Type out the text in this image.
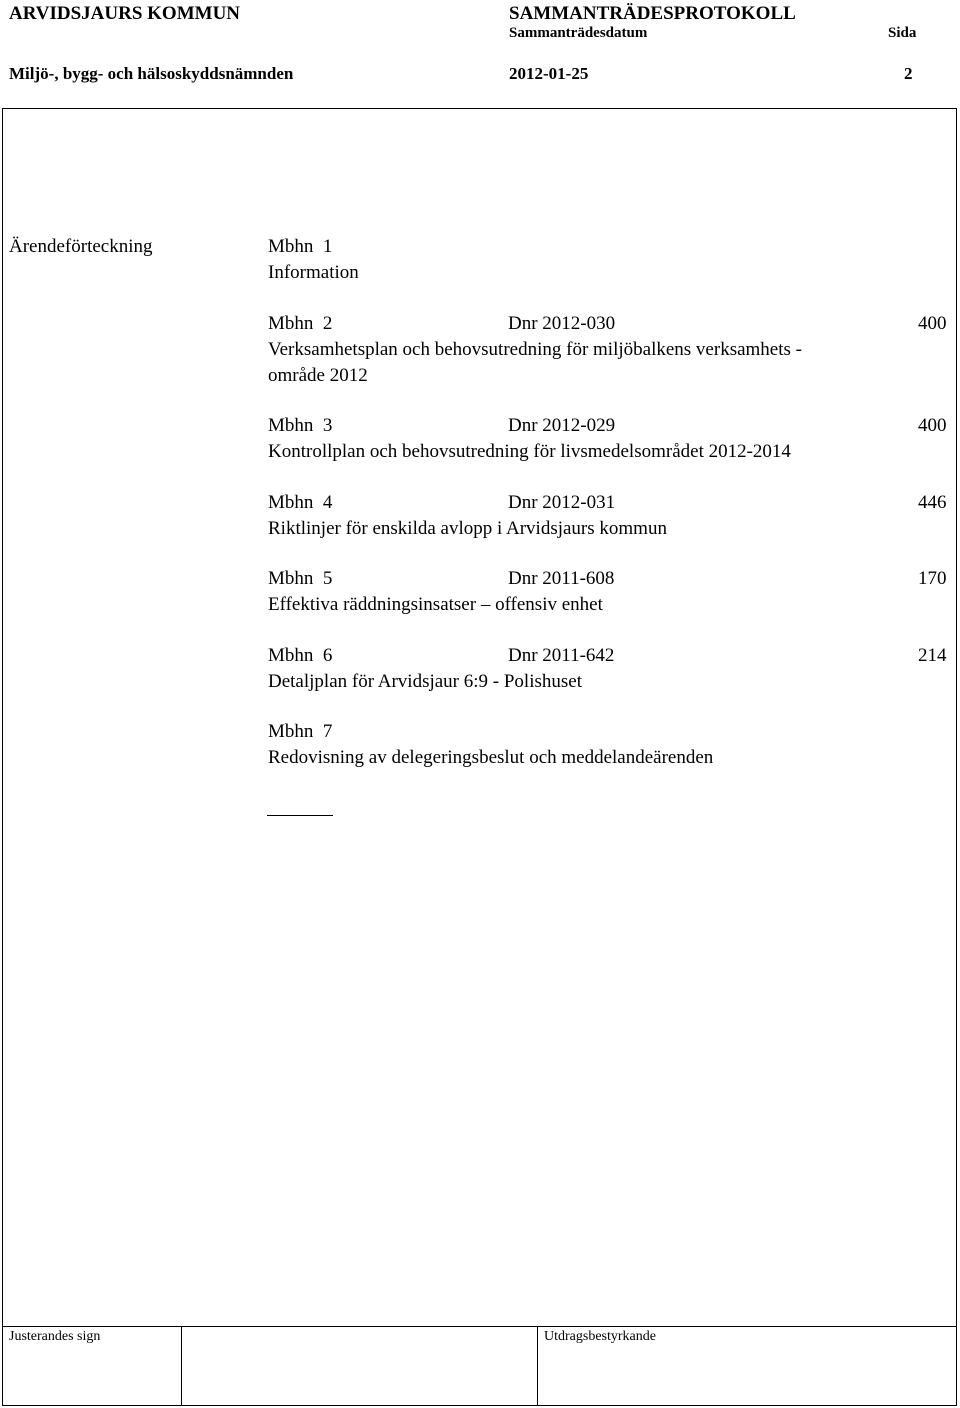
ARVIDSJAURS KOMMUN	SAMMANTRÄDESPROTOKOLL
Sammanträdesdatum	Sida
Miljö-, bygg- och hälsoskyddsnämnden	2012-01-25	2
Ärendeförteckning	Mbhn  1
Information
Mbhn  2	Dnr 2012-030	400
Verksamhetsplan och behovsutredning för miljöbalkens verksamhets -
område 2012
Mbhn  3	Dnr 2012-029	400
Kontrollplan och behovsutredning för livsmedelsområdet 2012-2014
Mbhn  4	Dnr 2012-031	446
Riktlinjer för enskilda avlopp i Arvidsjaurs kommun
Mbhn  5	Dnr 2011-608	170
Effektiva räddningsinsatser – offensiv enhet
Mbhn  6	Dnr 2011-642	214
Detaljplan för Arvidsjaur 6:9 - Polishuset
Mbhn  7
Redovisning av delegeringsbeslut och meddelandeärenden
Justerandes sign	Utdragsbestyrkande
